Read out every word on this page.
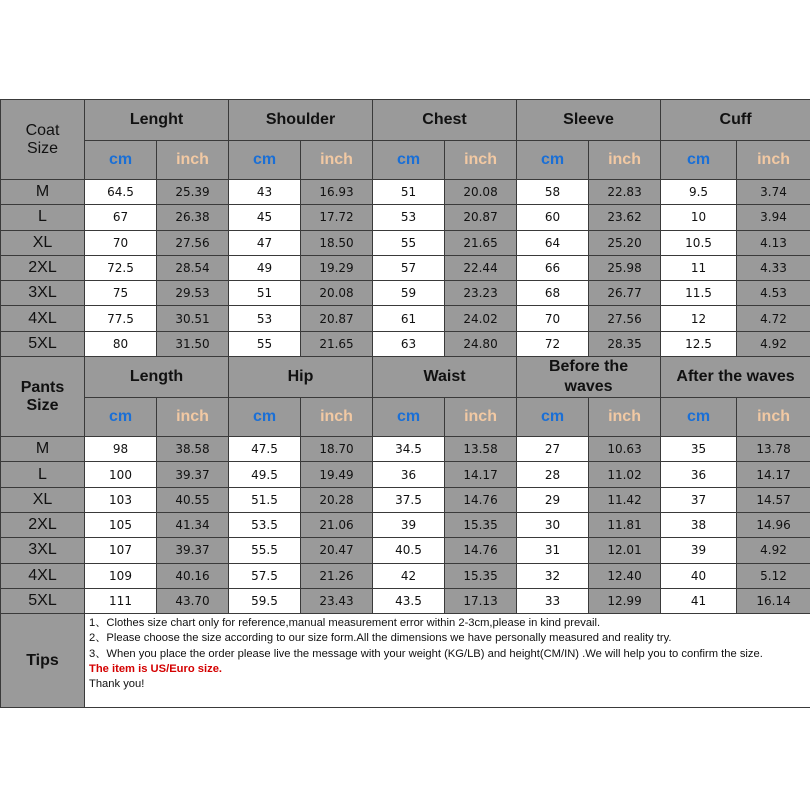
Coat
Size	Lenght		Shoulder		Chest		Sleeve		Cuff	
	cm	inch	cm	inch	cm	inch	cm	inch	cm	inch
M	64.5	25.39	43	16.93	51	20.08	58	22.83	9.5	3.74
L	67	26.38	45	17.72	53	20.87	60	23.62	10	3.94
XL	70	27.56	47	18.50	55	21.65	64	25.20	10.5	4.13
2XL	72.5	28.54	49	19.29	57	22.44	66	25.98	11	4.33
3XL	75	29.53	51	20.08	59	23.23	68	26.77	11.5	4.53
4XL	77.5	30.51	53	20.87	61	24.02	70	27.56	12	4.72
5XL	80	31.50	55	21.65	63	24.80	72	28.35	12.5	4.92

Pants
Size	Length		Hip		Waist		Before the waves		After the waves	
	cm	inch	cm	inch	cm	inch	cm	inch	cm	inch
M	98	38.58	47.5	18.70	34.5	13.58	27	10.63	35	13.78
L	100	39.37	49.5	19.49	36	14.17	28	11.02	36	14.17
XL	103	40.55	51.5	20.28	37.5	14.76	29	11.42	37	14.57
2XL	105	41.34	53.5	21.06	39	15.35	30	11.81	38	14.96
3XL	107	39.37	55.5	20.47	40.5	14.76	31	12.01	39	4.92
4XL	109	40.16	57.5	21.26	42	15.35	32	12.40	40	5.12
5XL	111	43.70	59.5	23.43	43.5	17.13	33	12.99	41	16.14
Tips	1、Clothes size chart only for reference,manual measurement error within 2-3cm,please in kind prevail.
2、Please choose the size according to our size form.All the dimensions we have personally measured and reality try.
3、When you place the order please live the message with your weight (KG/LB) and height(CM/IN) .We will help you to confirm the size.
The item is US/Euro size.
Thank you!									
